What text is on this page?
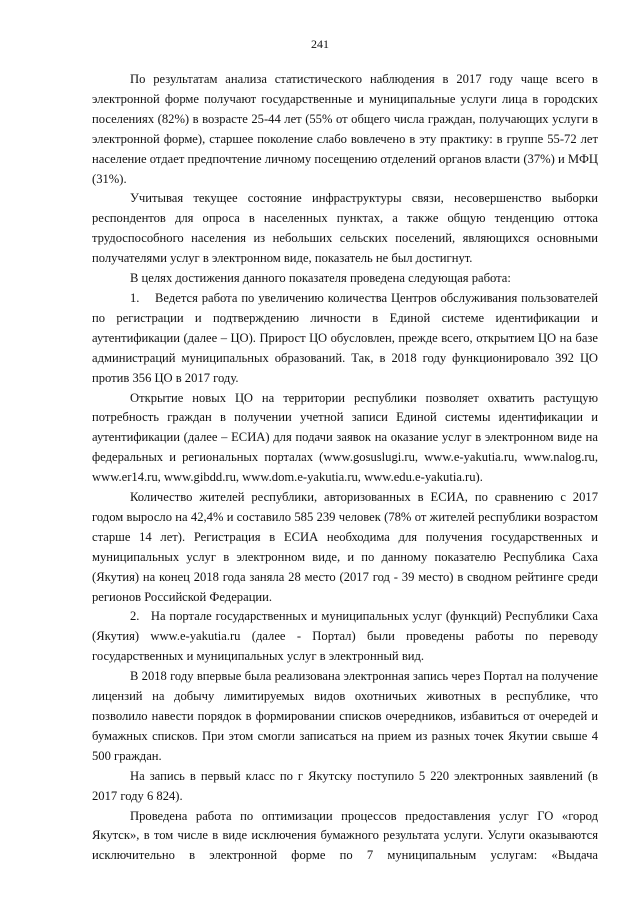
241

По результатам анализа статистического наблюдения в 2017 году чаще всего в электронной форме получают государственные и муниципальные услуги лица в городских поселениях (82%) в возрасте 25-44 лет (55% от общего числа граждан, получающих услуги в электронной форме), старшее поколение слабо вовлечено в эту практику: в группе 55-72 лет население отдает предпочтение личному посещению отделений органов власти (37%) и МФЦ (31%).

Учитывая текущее состояние инфраструктуры связи, несовершенство выборки респондентов для опроса в населенных пунктах, а также общую тенденцию оттока трудоспособного населения из небольших сельских поселений, являющихся основными получателями услуг в электронном виде, показатель не был достигнут.

В целях достижения данного показателя проведена следующая работа:

1.    Ведется работа по увеличению количества Центров обслуживания пользователей по регистрации и подтверждению личности в Единой системе идентификации и аутентификации (далее – ЦО). Прирост ЦО обусловлен, прежде всего, открытием ЦО на базе администраций муниципальных образований. Так, в 2018 году функционировало 392 ЦО против 356 ЦО в 2017 году.

Открытие новых ЦО на территории республики позволяет охватить растущую потребность граждан в получении учетной записи Единой системы идентификации и аутентификации (далее – ЕСИА) для подачи заявок на оказание услуг в электронном виде на федеральных и региональных порталах (www.gosuslugi.ru, www.e-yakutia.ru, www.nalog.ru, www.er14.ru, www.gibdd.ru, www.dom.e-yakutia.ru, www.edu.e-yakutia.ru).

Количество жителей республики, авторизованных в ЕСИА, по сравнению с 2017 годом выросло на 42,4% и составило 585 239 человек (78% от жителей республики возрастом старше 14 лет). Регистрация в ЕСИА необходима для получения государственных и муниципальных услуг в электронном виде, и по данному показателю Республика Саха (Якутия) на конец 2018 года заняла 28 место (2017 год - 39 место) в сводном рейтинге среди регионов Российской Федерации.

2.   На портале государственных и муниципальных услуг (функций) Республики Саха (Якутия) www.e-yakutia.ru (далее - Портал) были проведены работы по переводу государственных и муниципальных услуг в электронный вид.

В 2018 году впервые была реализована электронная запись через Портал на получение лицензий на добычу лимитируемых видов охотничьих животных в республике, что позволило навести порядок в формировании списков очередников, избавиться от очередей и бумажных списков. При этом смогли записаться на прием из разных точек Якутии свыше 4 500 граждан.

На запись в первый класс по г Якутску поступило 5 220 электронных заявлений (в 2017 году 6 824).

Проведена работа по оптимизации процессов предоставления услуг ГО «город Якутск», в том числе в виде исключения бумажного результата услуги. Услуги оказываются исключительно в электронной форме по 7 муниципальным услугам: «Выдача
